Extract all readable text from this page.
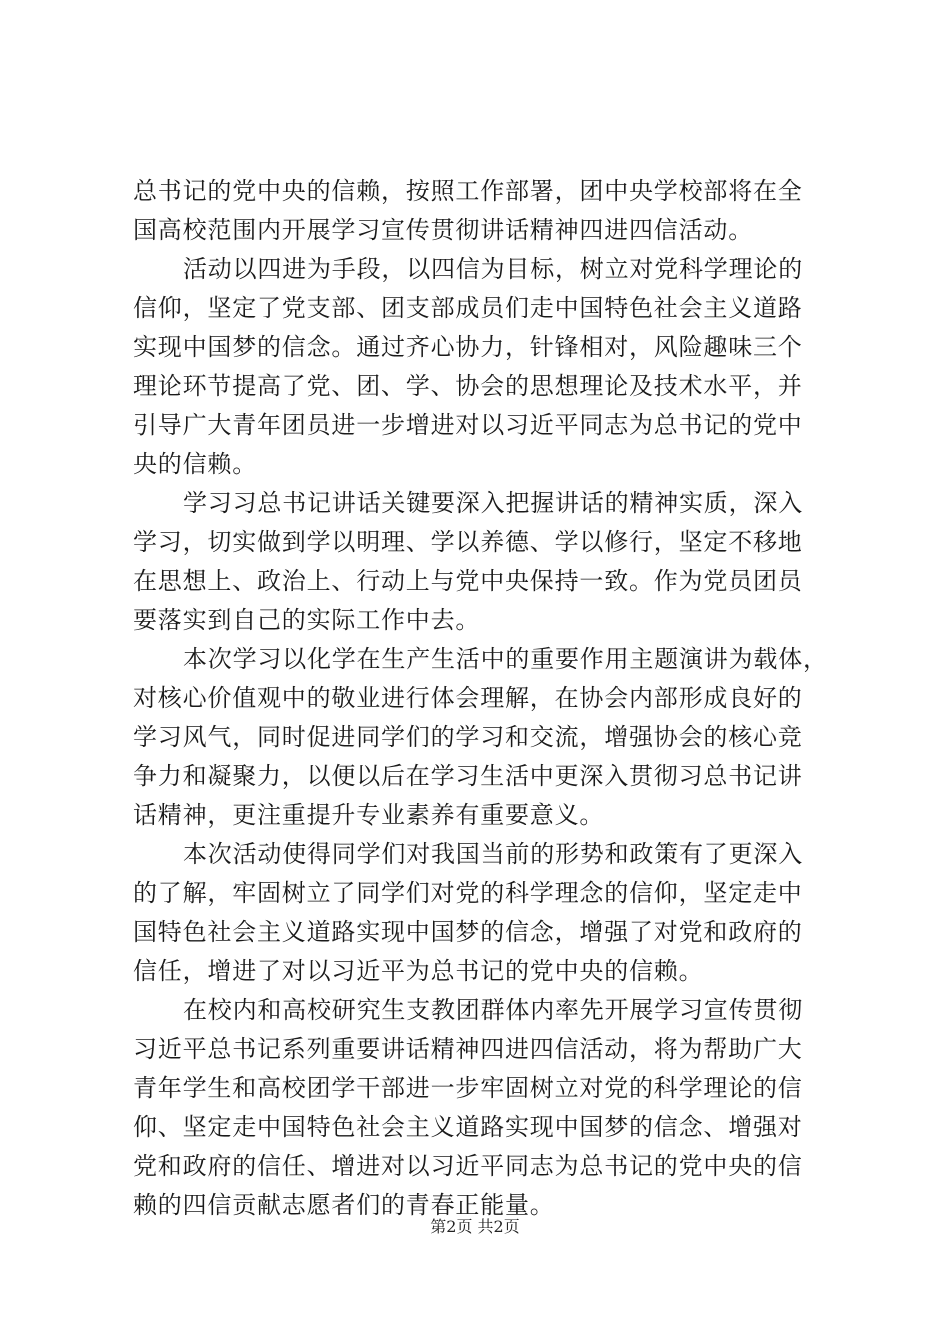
总书记的党中央的信赖，按照工作部署，团中央学校部将在全
国高校范围内开展学习宣传贯彻讲话精神四进四信活动。
活动以四进为手段，以四信为目标，树立对党科学理论的
信仰，坚定了党支部、团支部成员们走中国特色社会主义道路
实现中国梦的信念。通过齐心协力，针锋相对，风险趣味三个
理论环节提高了党、团、学、协会的思想理论及技术水平，并
引导广大青年团员进一步增进对以习近平同志为总书记的党中
央的信赖。
学习习总书记讲话关键要深入把握讲话的精神实质，深入
学习，切实做到学以明理、学以养德、学以修行，坚定不移地
在思想上、政治上、行动上与党中央保持一致。作为党员团员
要落实到自己的实际工作中去。
本次学习以化学在生产生活中的重要作用主题演讲为载体，
对核心价值观中的敬业进行体会理解，在协会内部形成良好的
学习风气，同时促进同学们的学习和交流，增强协会的核心竞
争力和凝聚力，以便以后在学习生活中更深入贯彻习总书记讲
话精神，更注重提升专业素养有重要意义。
本次活动使得同学们对我国当前的形势和政策有了更深入
的了解，牢固树立了同学们对党的科学理念的信仰，坚定走中
国特色社会主义道路实现中国梦的信念，增强了对党和政府的
信任，增进了对以习近平为总书记的党中央的信赖。
在校内和高校研究生支教团群体内率先开展学习宣传贯彻
习近平总书记系列重要讲话精神四进四信活动，将为帮助广大
青年学生和高校团学干部进一步牢固树立对党的科学理论的信
仰、坚定走中国特色社会主义道路实现中国梦的信念、增强对
党和政府的信任、增进对以习近平同志为总书记的党中央的信
赖的四信贡献志愿者们的青春正能量。
第2页 共2页
